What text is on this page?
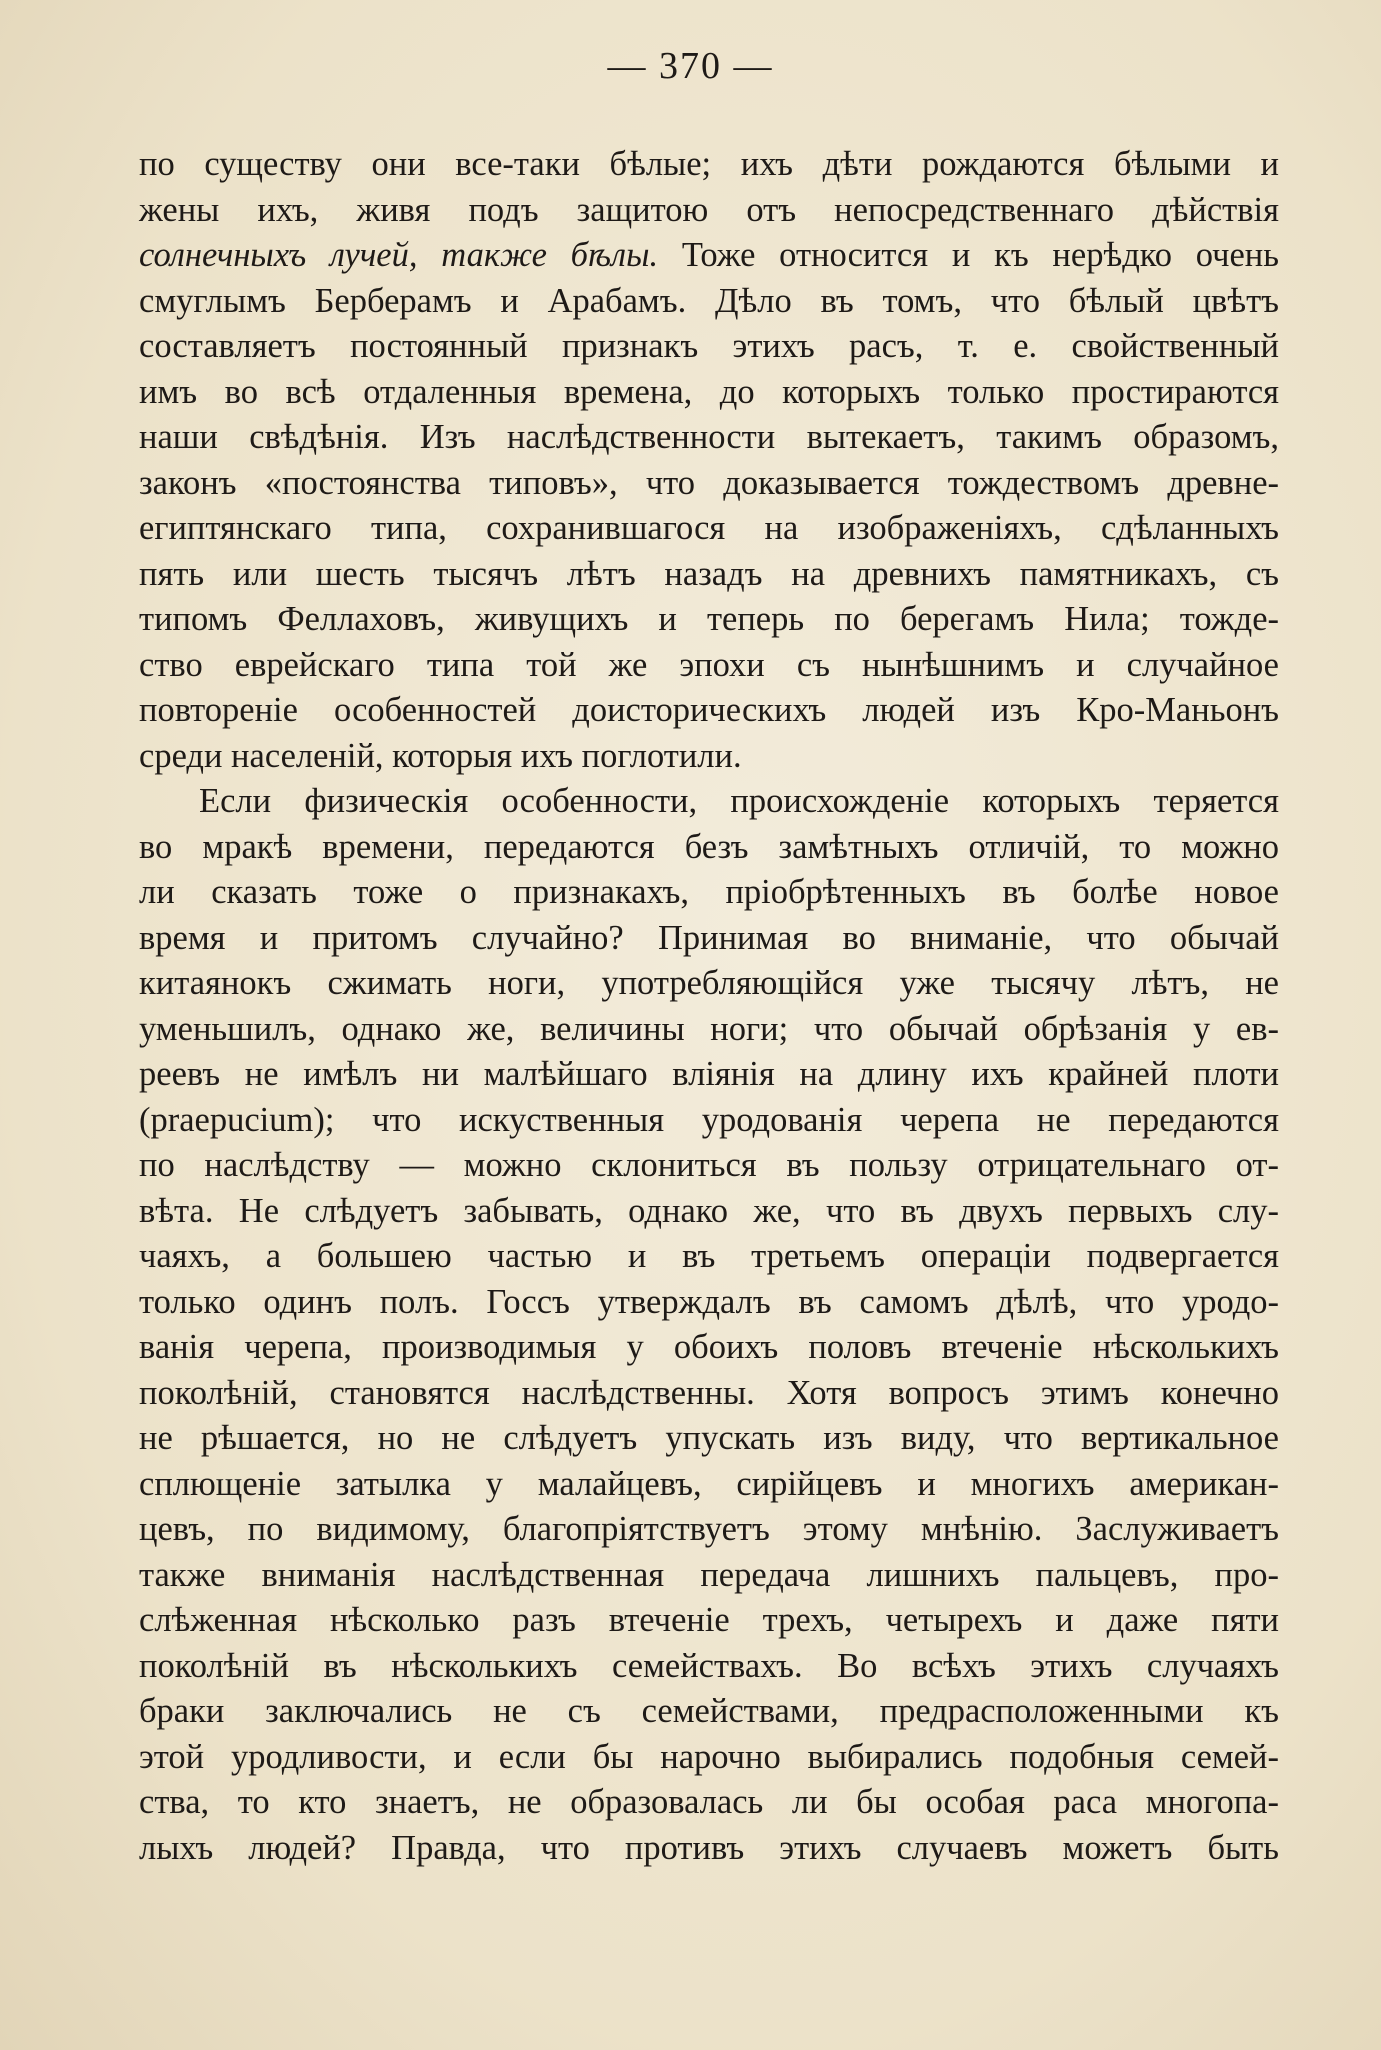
— 370 —
по существу они все-таки бѣлые; ихъ дѣти рождаются бѣлыми и
жены ихъ, живя подъ защитою отъ непосредственнаго дѣйствія
солнечныхъ лучей, также бѣлы. Тоже относится и къ нерѣдко очень
смуглымъ Берберамъ и Арабамъ. Дѣло въ томъ, что бѣлый цвѣтъ
составляетъ постоянный признакъ этихъ расъ, т. е. свойственный
имъ во всѣ отдаленныя времена, до которыхъ только простираются
наши свѣдѣнія. Изъ наслѣдственности вытекаетъ, такимъ образомъ,
законъ «постоянства типовъ», что доказывается тождествомъ древне-
египтянскаго типа, сохранившагося на изображеніяхъ, сдѣланныхъ
пять или шесть тысячъ лѣтъ назадъ на древнихъ памятникахъ, съ
типомъ Феллаховъ, живущихъ и теперь по берегамъ Нила; тожде-
ство еврейскаго типа той же эпохи съ нынѣшнимъ и случайное
повтореніе особенностей доисторическихъ людей изъ Кро-Маньонъ
среди населеній, которыя ихъ поглотили.
Если физическія особенности, происхожденіе которыхъ теряется
во мракѣ времени, передаются безъ замѣтныхъ отличій, то можно
ли сказать тоже о признакахъ, пріобрѣтенныхъ въ болѣе новое
время и притомъ случайно? Принимая во вниманіе, что обычай
китаянокъ сжимать ноги, употребляющійся уже тысячу лѣтъ, не
уменьшилъ, однако же, величины ноги; что обычай обрѣзанія у ев-
реевъ не имѣлъ ни малѣйшаго вліянія на длину ихъ крайней плоти
(praepucium); что искуственныя уродованія черепа не передаются
по наслѣдству — можно склониться въ пользу отрицательнаго от-
вѣта. Не слѣдуетъ забывать, однако же, что въ двухъ первыхъ слу-
чаяхъ, а большею частью и въ третьемъ операціи подвергается
только одинъ полъ. Госсъ утверждалъ въ самомъ дѣлѣ, что уродо-
ванія черепа, производимыя у обоихъ половъ втеченіе нѣсколькихъ
поколѣній, становятся наслѣдственны. Хотя вопросъ этимъ конечно
не рѣшается, но не слѣдуетъ упускать изъ виду, что вертикальное
сплющеніе затылка у малайцевъ, сирійцевъ и многихъ американ-
цевъ, по видимому, благопріятствуетъ этому мнѣнію. Заслуживаетъ
также вниманія наслѣдственная передача лишнихъ пальцевъ, про-
слѣженная нѣсколько разъ втеченіе трехъ, четырехъ и даже пяти
поколѣній въ нѣсколькихъ семействахъ. Во всѣхъ этихъ случаяхъ
браки заключались не съ семействами, предрасположенными къ
этой уродливости, и если бы нарочно выбирались подобныя семей-
ства, то кто знаетъ, не образовалась ли бы особая раса многопа-
лыхъ людей? Правда, что противъ этихъ случаевъ можетъ быть
